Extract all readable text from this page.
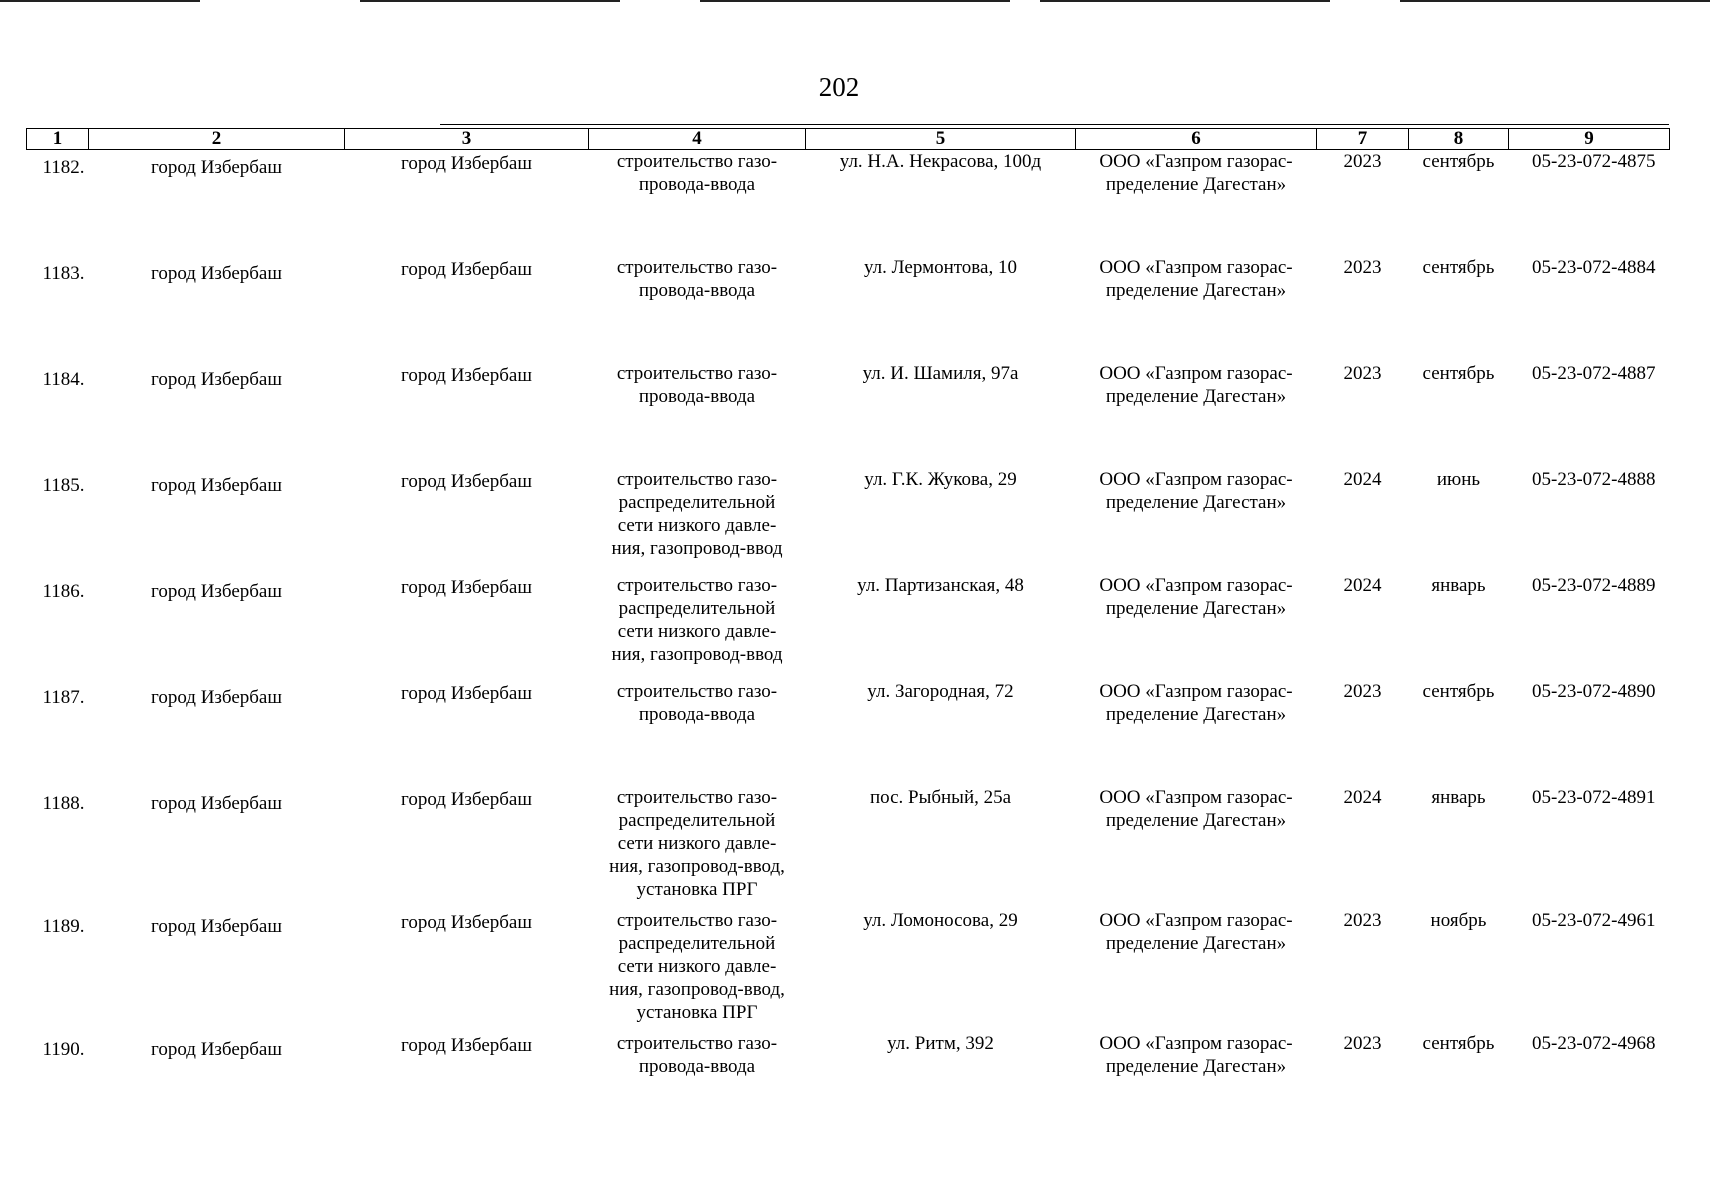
202
1	2	3	4	5	6	7	8	9
1182.	город Избербаш	город Избербаш	строительство газо-
провода-ввода	ул. Н.А. Некрасова, 100д	ООО «Газпром газорас-
пределение Дагестан»	2023	сентябрь	05-23-072-4875
1183.	город Избербаш	город Избербаш	строительство газо-
провода-ввода	ул. Лермонтова, 10	ООО «Газпром газорас-
пределение Дагестан»	2023	сентябрь	05-23-072-4884
1184.	город Избербаш	город Избербаш	строительство газо-
провода-ввода	ул. И. Шамиля, 97а	ООО «Газпром газорас-
пределение Дагестан»	2023	сентябрь	05-23-072-4887
1185.	город Избербаш	город Избербаш	строительство газо-
распределительной
сети низкого давле-
ния, газопровод-ввод	ул. Г.К. Жукова, 29	ООО «Газпром газорас-
пределение Дагестан»	2024	июнь	05-23-072-4888
1186.	город Избербаш	город Избербаш	строительство газо-
распределительной
сети низкого давле-
ния, газопровод-ввод	ул. Партизанская, 48	ООО «Газпром газорас-
пределение Дагестан»	2024	январь	05-23-072-4889
1187.	город Избербаш	город Избербаш	строительство газо-
провода-ввода	ул. Загородная, 72	ООО «Газпром газорас-
пределение Дагестан»	2023	сентябрь	05-23-072-4890
1188.	город Избербаш	город Избербаш	строительство газо-
распределительной
сети низкого давле-
ния, газопровод-ввод,
установка ПРГ	пос. Рыбный, 25а	ООО «Газпром газорас-
пределение Дагестан»	2024	январь	05-23-072-4891
1189.	город Избербаш	город Избербаш	строительство газо-
распределительной
сети низкого давле-
ния, газопровод-ввод,
установка ПРГ	ул. Ломоносова, 29	ООО «Газпром газорас-
пределение Дагестан»	2023	ноябрь	05-23-072-4961
1190.	город Избербаш	город Избербаш	строительство газо-
провода-ввода	ул. Ритм, 392	ООО «Газпром газорас-
пределение Дагестан»	2023	сентябрь	05-23-072-4968
